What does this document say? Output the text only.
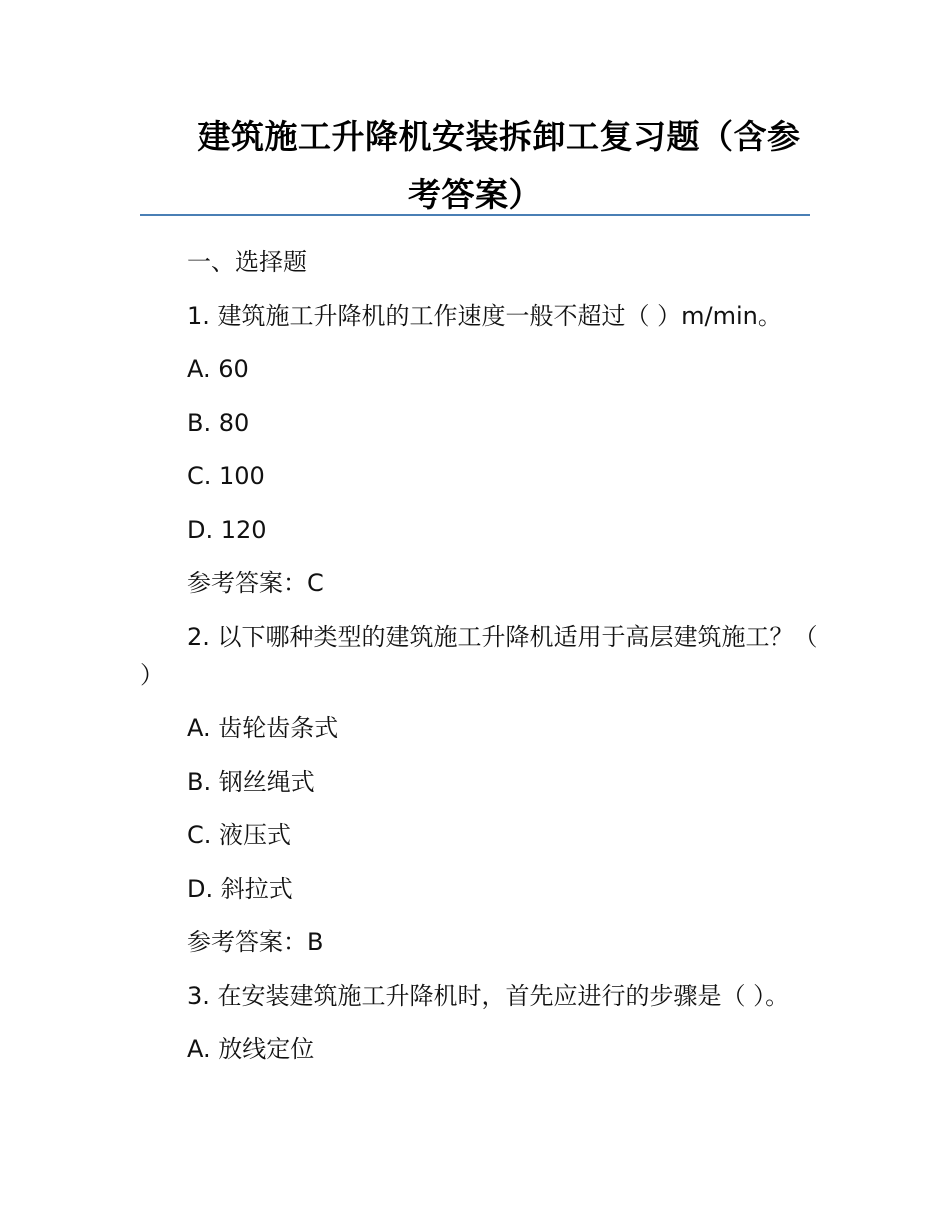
建筑施工升降机安装拆卸工复习题（含参
考答案）

一、选择题

1. 建筑施工升降机的工作速度一般不超过（ ）m/min。

A. 60

B. 80

C. 100

D. 120

参考答案：C

2. 以下哪种类型的建筑施工升降机适用于高层建筑施工？（ ）

A. 齿轮齿条式

B. 钢丝绳式

C. 液压式

D. 斜拉式

参考答案：B

3. 在安装建筑施工升降机时，首先应进行的步骤是（ ）。

A. 放线定位
